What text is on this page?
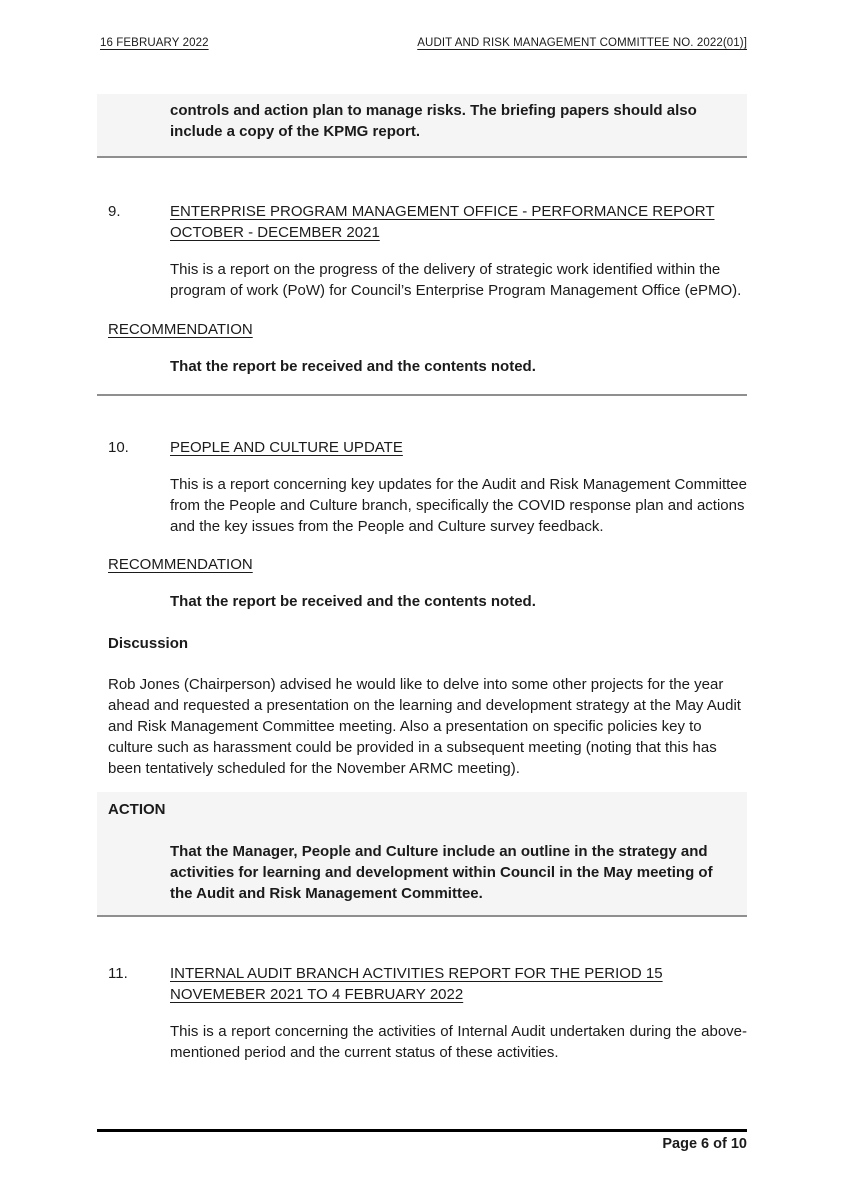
16 FEBRUARY 2022	AUDIT AND RISK MANAGEMENT COMMITTEE NO. 2022(01)]

controls and action plan to manage risks. The briefing papers should also include a copy of the KPMG report.

9.	ENTERPRISE PROGRAM MANAGEMENT OFFICE - PERFORMANCE REPORT OCTOBER - DECEMBER 2021

This is a report on the progress of the delivery of strategic work identified within the program of work (PoW) for Council’s Enterprise Program Management Office (ePMO).

RECOMMENDATION

That the report be received and the contents noted.

10.	PEOPLE AND CULTURE UPDATE

This is a report concerning key updates for the Audit and Risk Management Committee from the People and Culture branch, specifically the COVID response plan and actions and the key issues from the People and Culture survey feedback.

RECOMMENDATION

That the report be received and the contents noted.

Discussion

Rob Jones (Chairperson) advised he would like to delve into some other projects for the year ahead and requested a presentation on the learning and development strategy at the May Audit and Risk Management Committee meeting. Also a presentation on specific policies key to culture such as harassment could be provided in a subsequent meeting (noting that this has been tentatively scheduled for the November ARMC meeting).

ACTION

That the Manager, People and Culture include an outline in the strategy and activities for learning and development within Council in the May meeting of the Audit and Risk Management Committee.

11.	INTERNAL AUDIT BRANCH ACTIVITIES REPORT FOR THE PERIOD 15 NOVEMEBER 2021 TO 4 FEBRUARY 2022

This is a report concerning the activities of Internal Audit undertaken during the above-mentioned period and the current status of these activities.

Page 6 of 10
